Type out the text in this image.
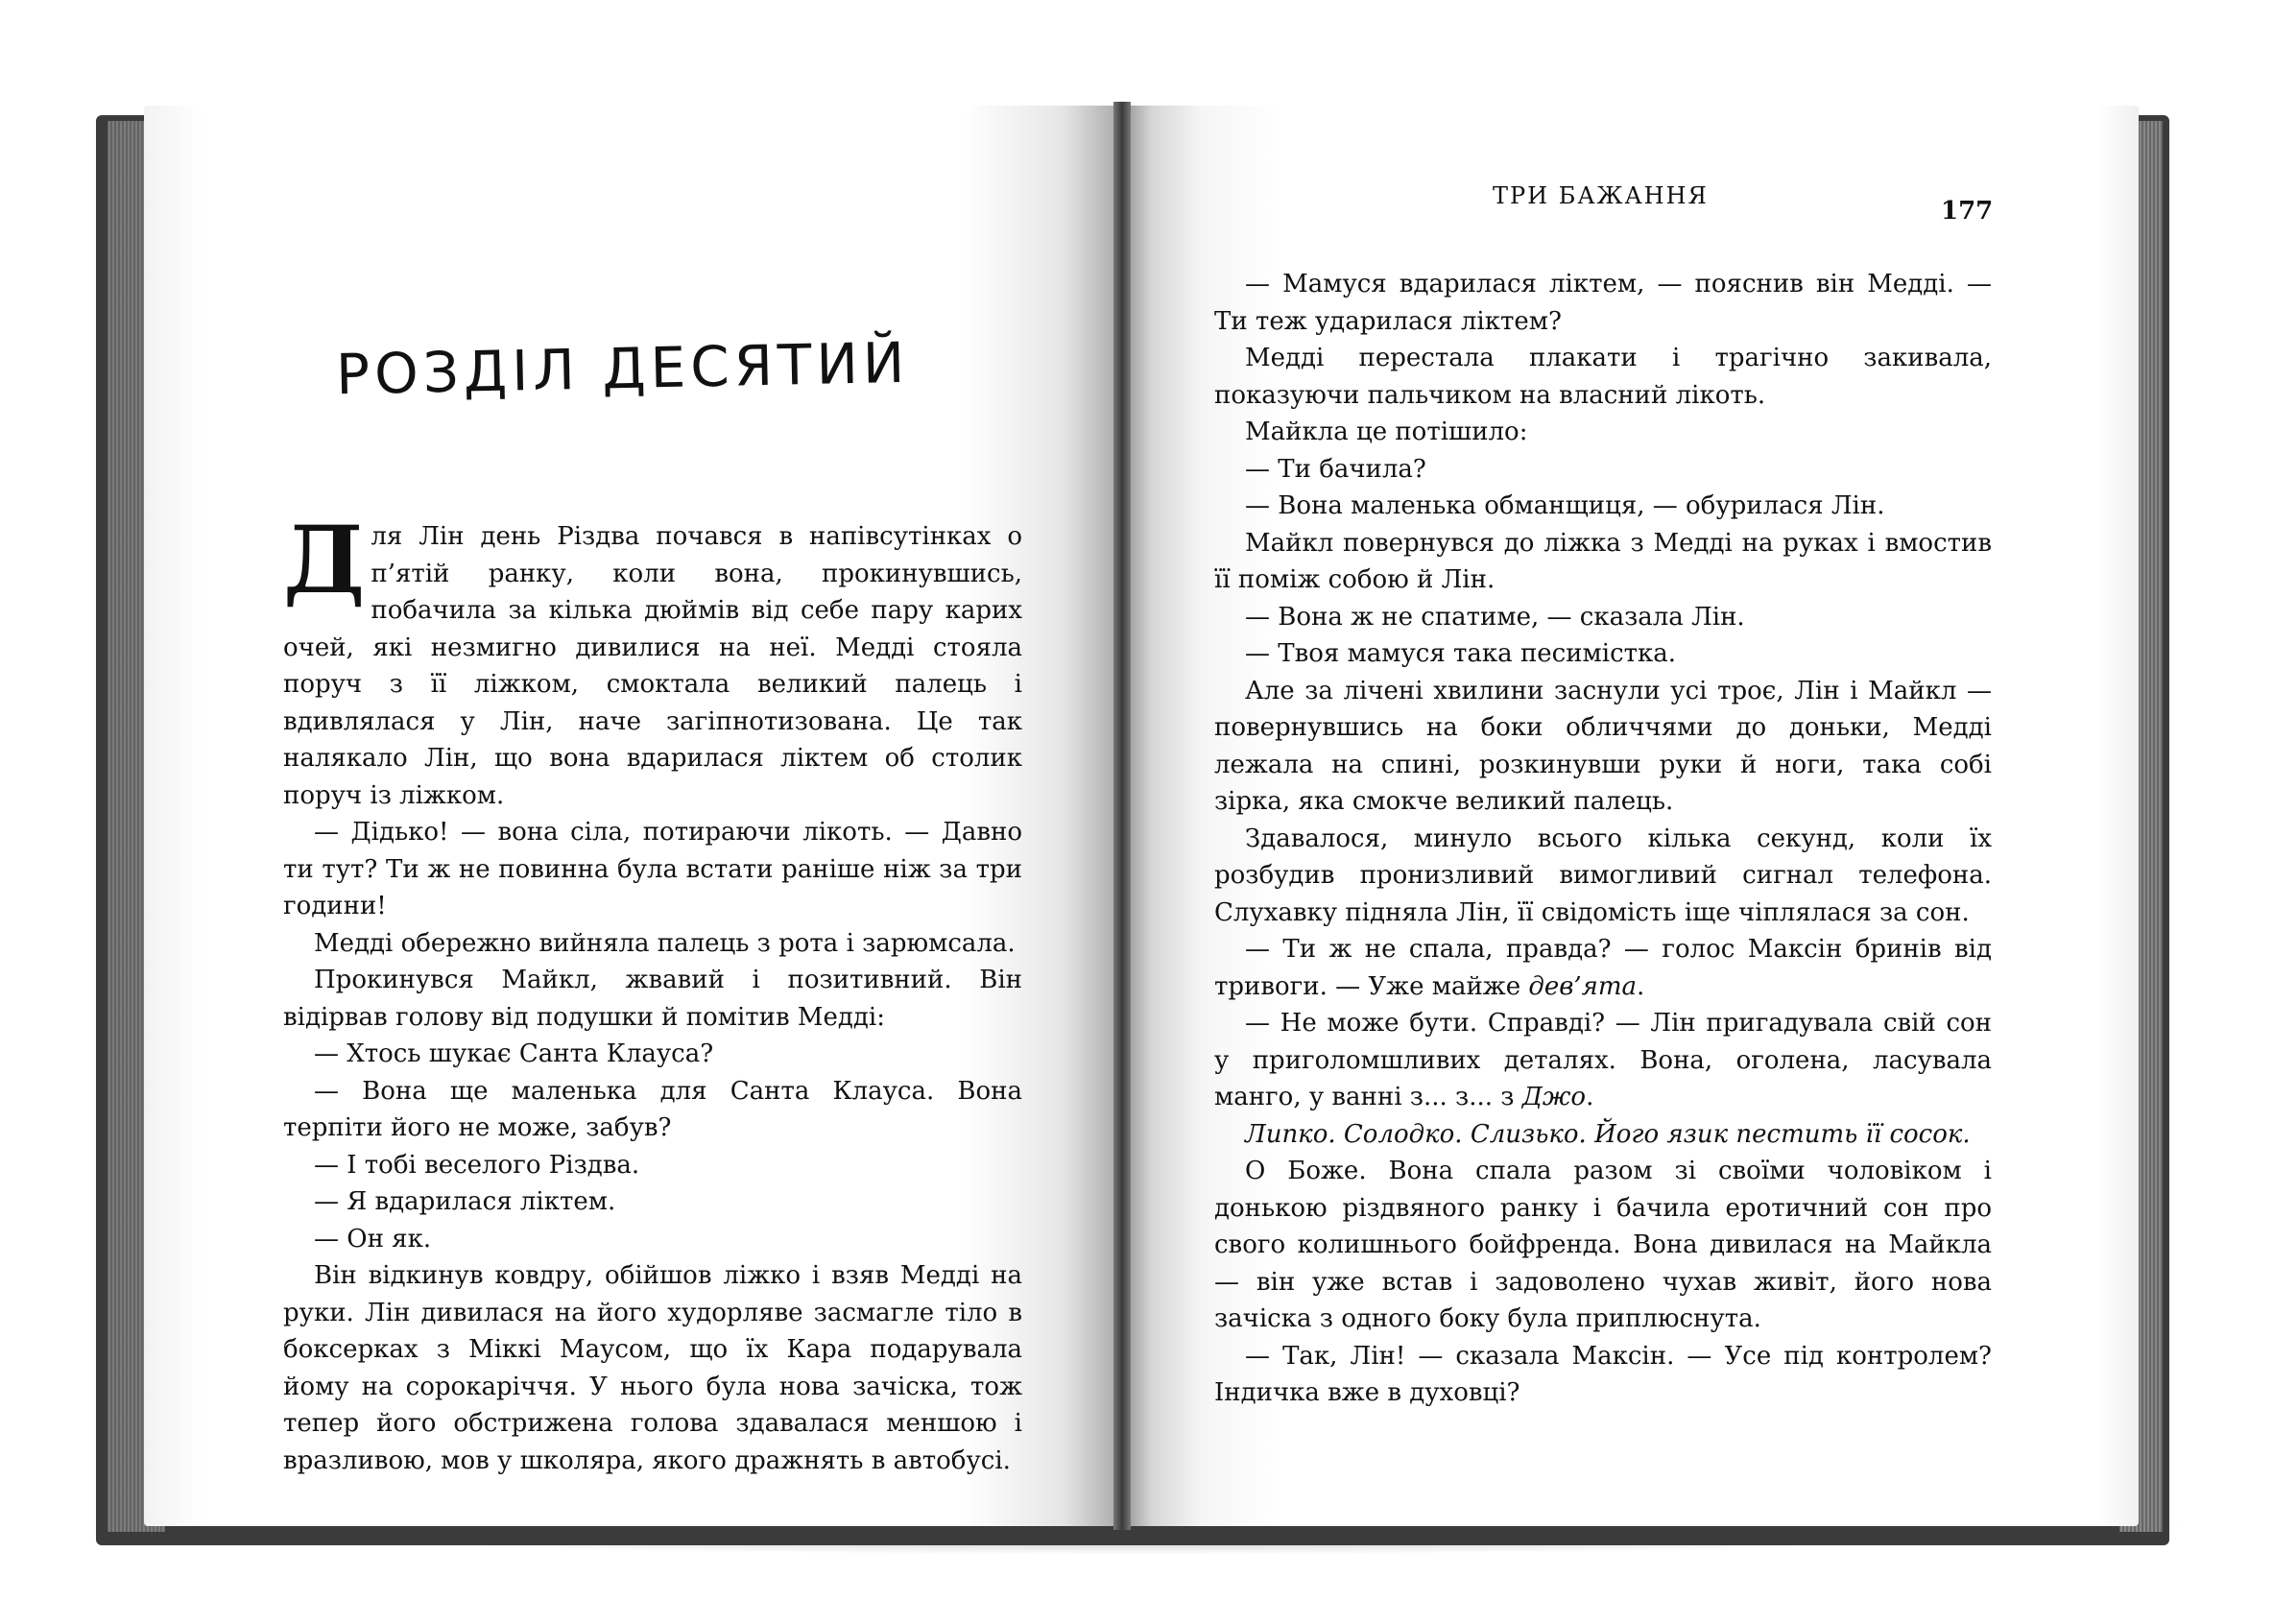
РОЗДІЛ ДЕСЯТИЙ

Для Лін день Різдва почався в напівсутінках о п’ятій ранку, коли вона, прокинувшись, побачила за кілька дюймів від себе пару карих очей, які незмигно дивилися на неї. Медді стояла поруч з її ліжком, смоктала великий палець і вдивлялася у Лін, наче загіпнотизована. Це так налякало Лін, що вона вдарилася ліктем об столик поруч із ліжком.

— Дідько! — вона сіла, потираючи лікоть. — Давно ти тут? Ти ж не повинна була встати раніше ніж за три години!

Медді обережно вийняла палець з рота і зарюмсала.

Прокинувся Майкл, жвавий і позитивний. Він відірвав голову від подушки й помітив Медді:

— Хтось шукає Санта Клауса?

— Вона ще маленька для Санта Клауса. Вона терпіти його не може, забув?

— І тобі веселого Різдва.

— Я вдарилася ліктем.

— Он як.

Він відкинув ковдру, обійшов ліжко і взяв Медді на руки. Лін дивилася на його худорляве засмагле тіло в боксерках з Міккі Маусом, що їх Кара подарувала йому на сорокаріччя. У нього була нова зачіска, тож тепер його обстрижена голова здавалася меншою і вразливою, мов у школяра, якого дражнять в автобусі.

ТРИ БАЖАННЯ
177

— Мамуся вдарилася ліктем, — пояснив він Медді. — Ти теж ударилася ліктем?

Медді перестала плакати і трагічно закивала, показуючи пальчиком на власний лікоть.

Майкла це потішило:

— Ти бачила?

— Вона маленька обманщиця, — обурилася Лін.

Майкл повернувся до ліжка з Медді на руках і вмостив її поміж собою й Лін.

— Вона ж не спатиме, — сказала Лін.

— Твоя мамуся така песимістка.

Але за лічені хвилини заснули усі троє, Лін і Майкл — повернувшись на боки обличчями до доньки, Медді лежала на спині, розкинувши руки й ноги, така собі зірка, яка смокче великий палець.

Здавалося, минуло всього кілька секунд, коли їх розбудив пронизливий вимогливий сигнал телефона. Слухавку підняла Лін, її свідомість іще чіплялася за сон.

— Ти ж не спала, правда? — голос Максін бринів від тривоги. — Уже майже дев’ята.

— Не може бути. Справді? — Лін пригадувала свій сон у приголомшливих деталях. Вона, оголена, ласувала манго, у ванні з... з... з Джо.

Липко. Солодко. Слизько. Його язик пестить її сосок.

О Боже. Вона спала разом зі своїми чоловіком і донькою різдвяного ранку і бачила еротичний сон про свого колишнього бойфренда. Вона дивилася на Майкла — він уже встав і задоволено чухав живіт, його нова зачіска з одного боку була приплюснута.

— Так, Лін! — сказала Максін. — Усе під контролем? Індичка вже в духовці?
